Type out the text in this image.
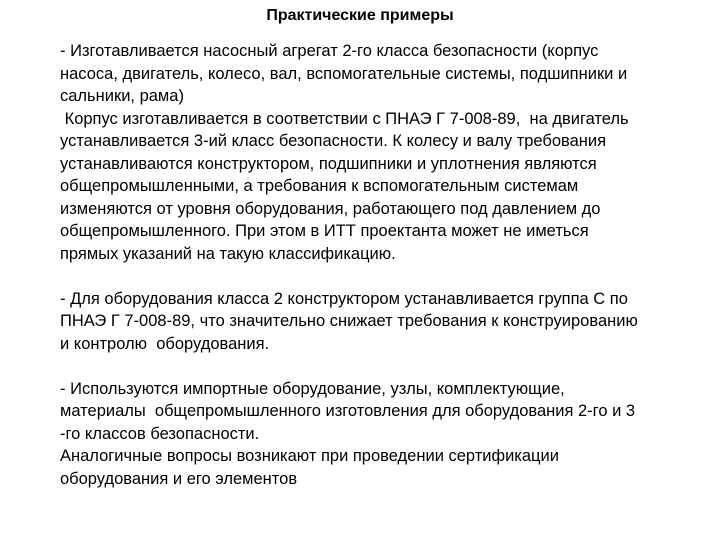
Практические примеры
- Изготавливается насосный агрегат 2-го класса безопасности (корпус
насоса, двигатель, колесо, вал, вспомогательные системы, подшипники и
сальники, рама)
Корпус изготавливается в соответствии с ПНАЭ Г 7-008-89,  на двигатель
устанавливается 3-ий класс безопасности. К колесу и валу требования
устанавливаются конструктором, подшипники и уплотнения являются
общепромышленными, а требования к вспомогательным системам
изменяются от уровня оборудования, работающего под давлением до
общепромышленного. При этом в ИТТ проектанта может не иметься
прямых указаний на такую классификацию.
- Для оборудования класса 2 конструктором устанавливается группа С по
ПНАЭ Г 7-008-89, что значительно снижает требования к конструированию
и контролю  оборудования.
- Используются импортные оборудование, узлы, комплектующие,
материалы  общепромышленного изготовления для оборудования 2-го и 3
-го классов безопасности.
Аналогичные вопросы возникают при проведении сертификации
оборудования и его элементов
